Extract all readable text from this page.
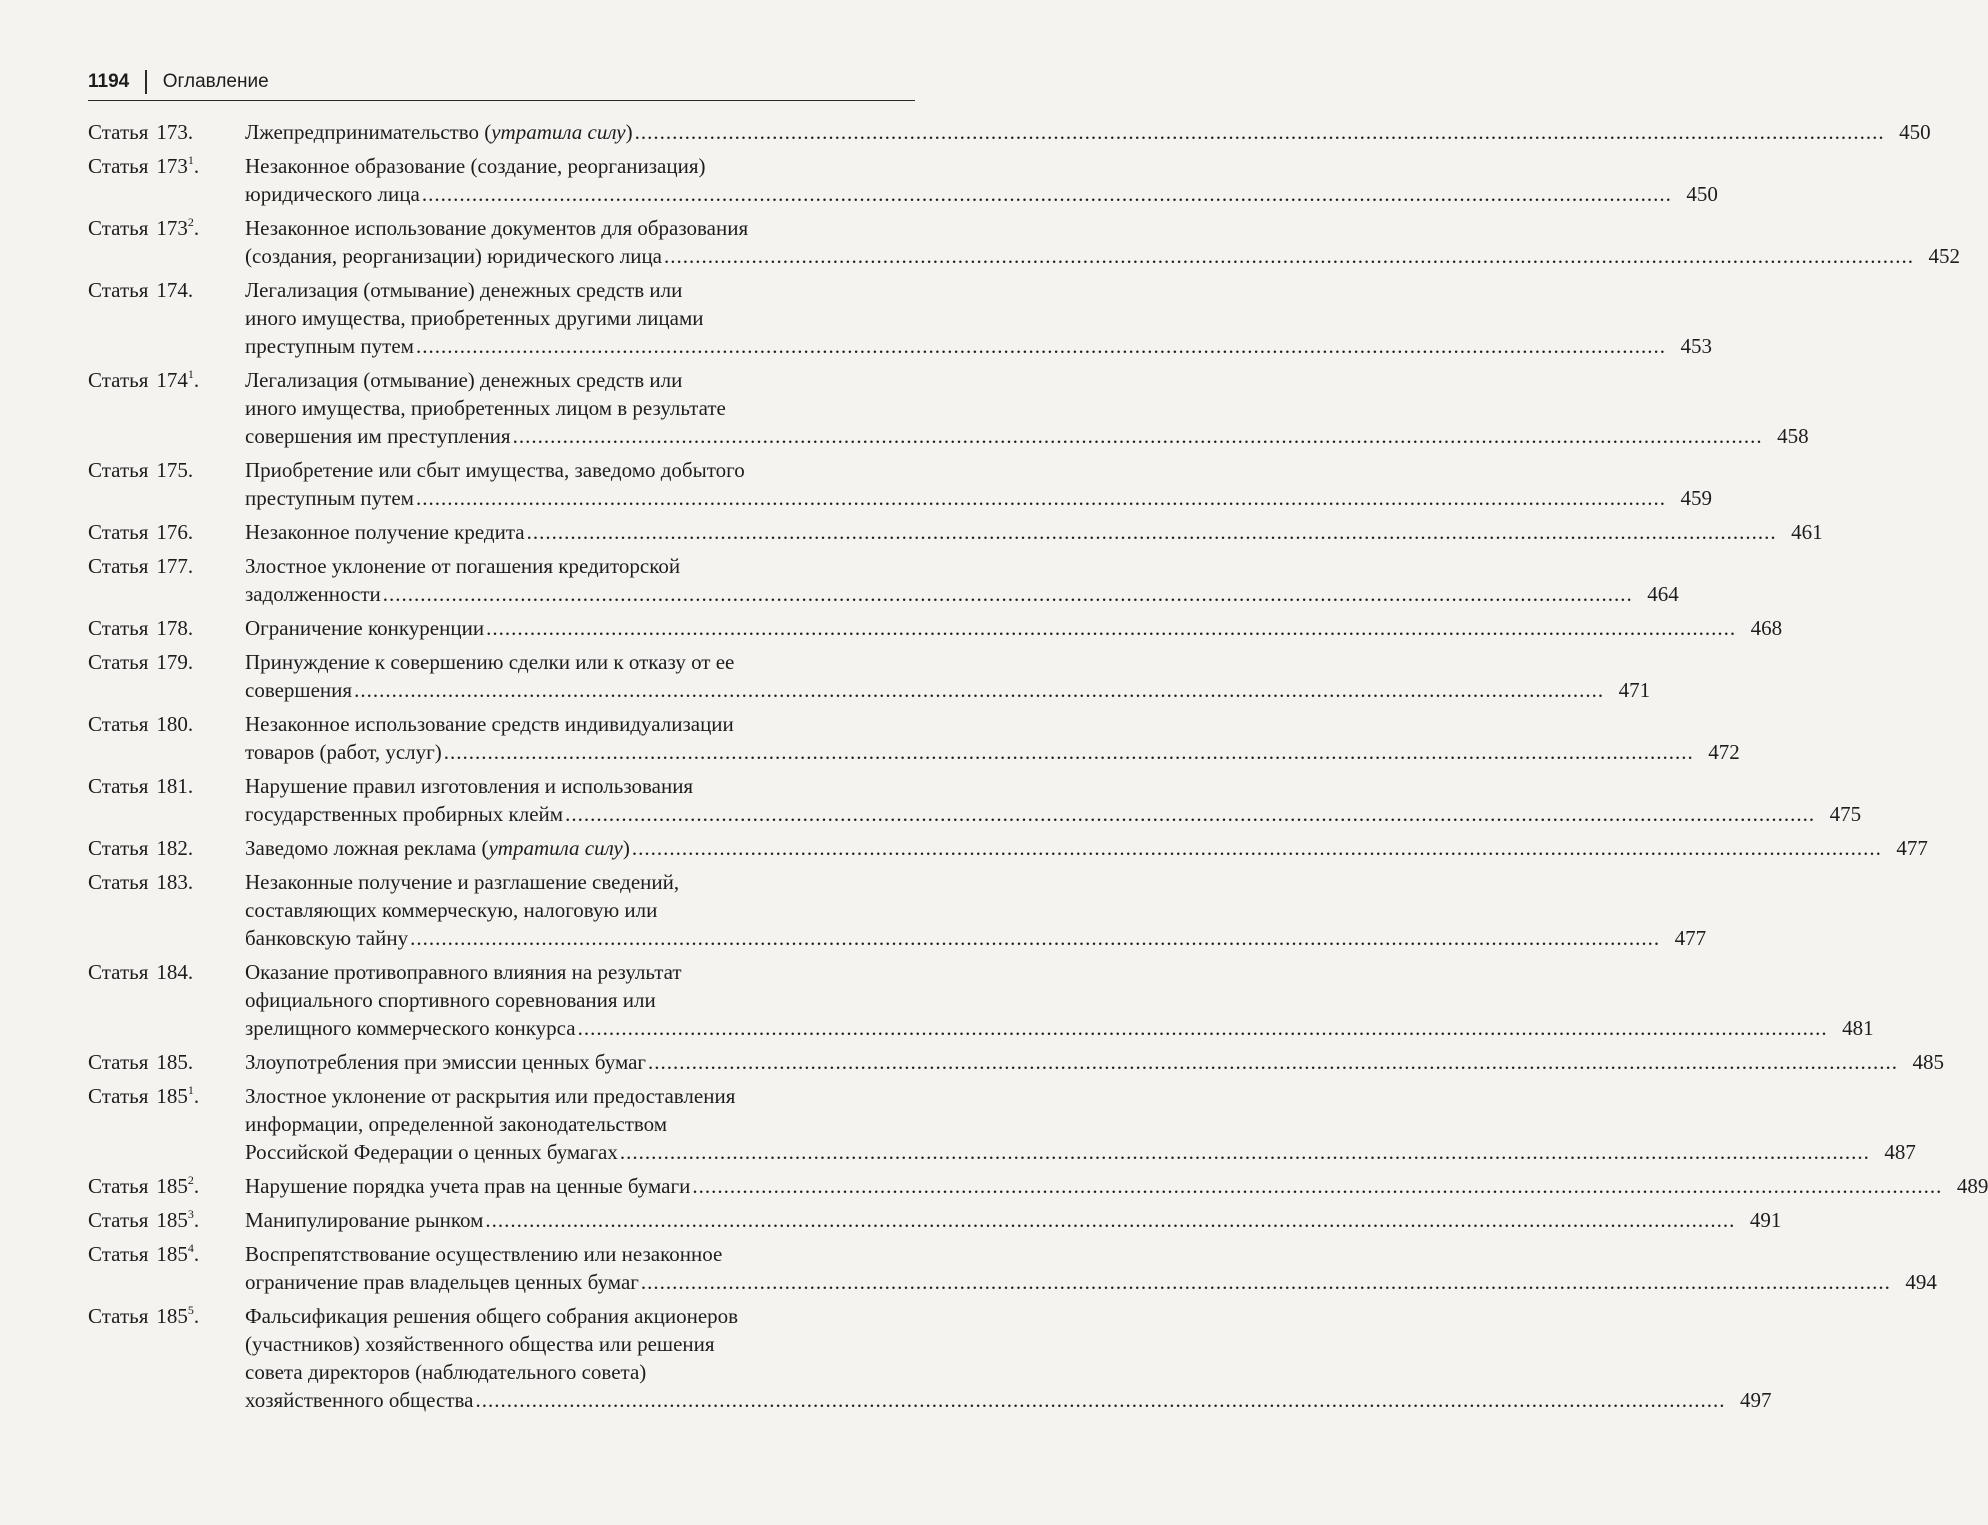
1194 Оглавление
Статья 173.	Лжепредпринимательство (утратила силу) .....	450
Статья $173^1$.	Незаконное образование (создание, реорганизация)
юридического лица .....	450
Статья $173^2$.	Незаконное использование документов для образования
(создания, реорганизации) юридического лица .....	452
Статья 174.	Легализация (отмывание) денежных средств или
иного имущества, приобретенных другими лицами
преступным путем .....	453
Статья $174^1$.	Легализация (отмывание) денежных средств или
иного имущества, приобретенных лицом в результате
совершения им преступления .....	458
Статья 175.	Приобретение или сбыт имущества, заведомо добытого
преступным путем .....	459
Статья 176.	Незаконное получение кредита .....	461
Статья 177.	Злостное уклонение от погашения кредиторской
задолженности .....	464
Статья 178.	Ограничение конкуренции .....	468
Статья 179.	Принуждение к совершению сделки или к отказу от ее
совершения .....	471
Статья 180.	Незаконное использование средств индивидуализации
товаров (работ, услуг) .....	472
Статья 181.	Нарушение правил изготовления и использования
государственных пробирных клейм .....	475
Статья 182.	Заведомо ложная реклама (утратила силу) .....	477
Статья 183.	Незаконные получение и разглашение сведений,
составляющих коммерческую, налоговую или
банковскую тайну .....	477
Статья 184.	Оказание противоправного влияния на результат
официального спортивного соревнования или
зрелищного коммерческого конкурса .....	481
Статья 185.	Злоупотребления при эмиссии ценных бумаг .....	485
Статья $185^1$.	Злостное уклонение от раскрытия или предоставления
информации, определенной законодательством
Российской Федерации о ценных бумагах .....	487
Статья $185^2$.	Нарушение порядка учета прав на ценные бумаги .....	489
Статья $185^3$.	Манипулирование рынком .....	491
Статья $185^4$.	Воспрепятствование осуществлению или незаконное
ограничение прав владельцев ценных бумаг .....	494
Статья $185^5$.	Фальсификация решения общего собрания акционеров
(участников) хозяйственного общества или решения
совета директоров (наблюдательного совета)
хозяйственного общества .....	497
